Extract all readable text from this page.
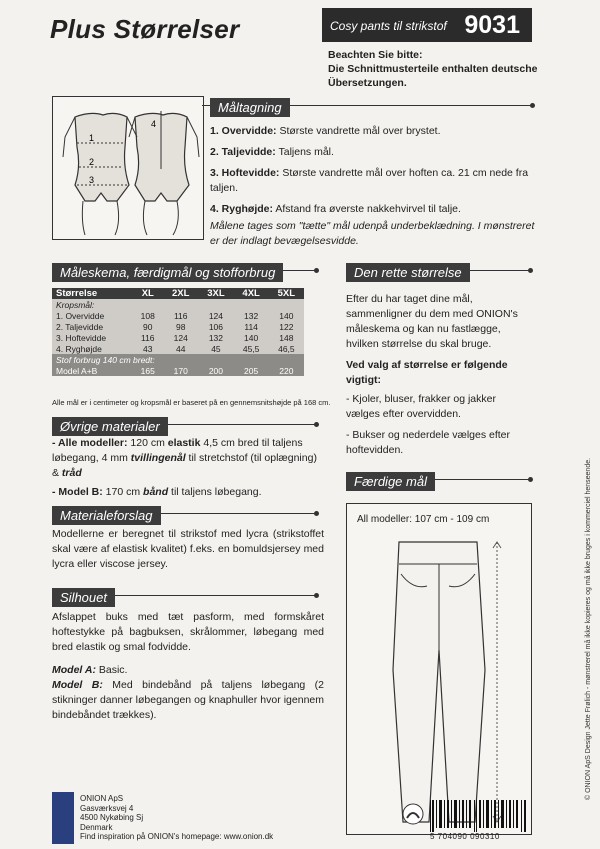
Plus Størrelser	Cosy pants til strikstof 9031
Beachten Sie bitte:
Die Schnittmusterteile enthalten deutsche Übersetzungen.
1
2
3
4
Måltagning
1. Overvidde: Største vandrette mål over brystet.
2. Taljevidde: Taljens mål.
3. Hoftevidde: Største vandrette mål over hoften ca. 21 cm nede fra taljen.
4. Ryghøjde: Afstand fra øverste nakkehvirvel til talje.
Målene tages som "tætte" mål udenpå underbeklædning. I mønstreret er der indlagt bevægelsesvidde.
Måleskema, færdigmål og stofforbrug
Størrelse	XL	2XL	3XL	4XL	5XL
Kropsmål:					
1. Overvidde	108	116	124	132	140
2. Taljevidde	90	98	106	114	122
3. Hoftevidde	116	124	132	140	148
4. Ryghøjde	43	44	45	45,5	46,5
Stof forbrug 140 cm bredt:					
Model A+B	165	170	200	205	220
Alle mål er i centimeter og kropsmål er baseret på en gennemsnitshøjde på 168 cm.
Øvrige materialer
- Alle modeller: 120 cm elastik 4,5 cm bred til taljens løbegang, 4 mm tvillingenål til stretchstof (til oplægning) & tråd
- Model B: 170 cm bånd til taljens løbegang.
Materialeforslag
Modellerne er beregnet til strikstof med lycra (strikstoffet skal være af elastisk kvalitet) f.eks. en bomuldsjersey med lycra eller viscose jersey.
Silhouet
Afslappet buks med tæt pasform, med formskåret hoftestykke på bagbuksen, skrålommer, løbegang med bred elastik og smal fodvidde.
Model A: Basic.
Model B: Med bindebånd på taljens løbegang (2 stikninger danner løbegangen og knaphuller hvor igennem bindebåndet trækkes).
Den rette størrelse
Efter du har taget dine mål, sammenligner du dem med ONION's måleskema og kan nu fastlægge, hvilken størrelse du skal bruge.
Ved valg af størrelse er følgende vigtigt:
- Kjoler, bluser, frakker og jakker vælges efter overvidden.
- Bukser og nederdele vælges efter hoftevidden.
Færdige mål
All modeller: 107 cm - 109 cm
ONION ApS
Gasværksvej 4
4500 Nykøbing Sj
Denmark
Find inspiration på ONION's homepage: www.onion.dk	5 704090 090310
© ONION ApS Design Jette Frølich - mønstrerel må ikke kopieres og må ikke bruges i kommerciel henseende.
